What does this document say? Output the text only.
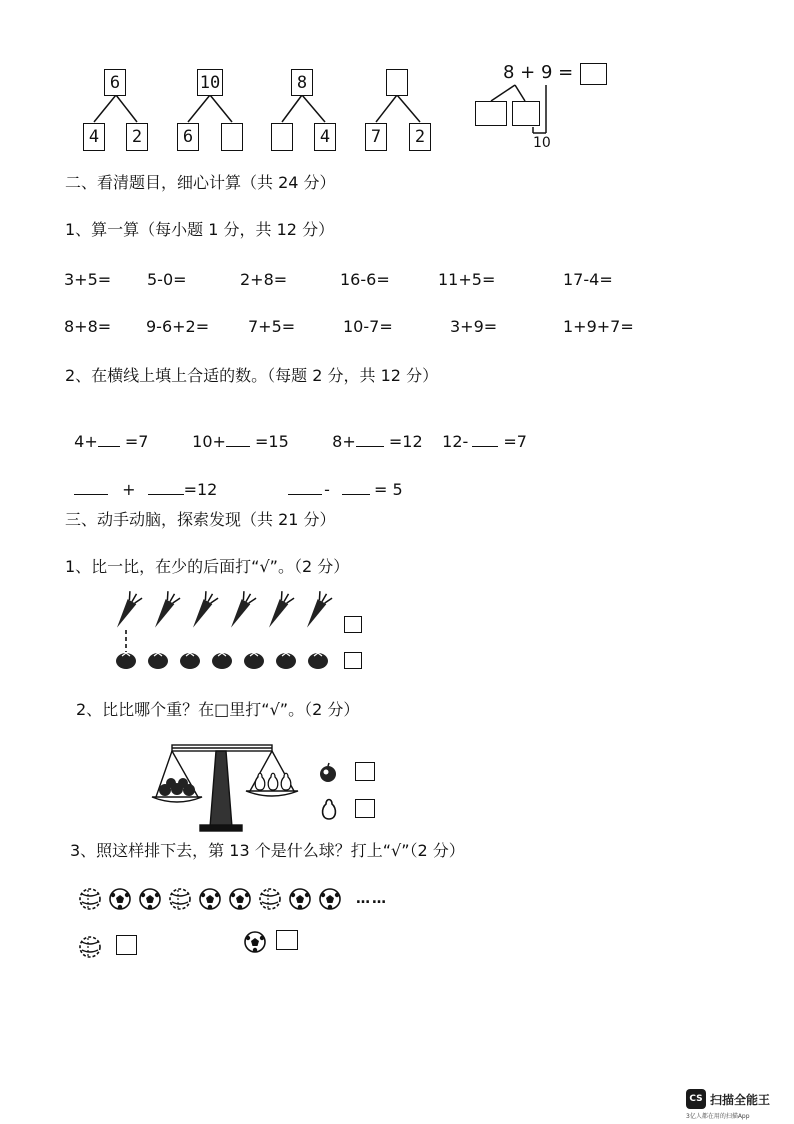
6
4	2
10
6
8
4	7	2
8 + 9 =
10
二、看清题目，细心计算（共 24 分）
1、算一算（每小题 1 分，共 12 分）
3+5= 5-0=	2+8=	16-6=	11+5=	17-4=
8+8= 9-6+2= 7+5=	10-7=	3+9=	1+9+7=
2、在横线上填上合适的数。（每题 2 分，共 12 分）

4+ =7	10+ =15	8+ =12	12- =7

+	=12	-	= 5

三、动手动脑，探索发现（共 21 分）
1、比一比，在少的后面打“√”。（2 分）
2、比比哪个重？在□里打“√”。（2 分）
3、照这样排下去，第 13 个是什么球？打上“√”（2 分）
……
CS 扫描全能王
3亿人都在用的扫描App
